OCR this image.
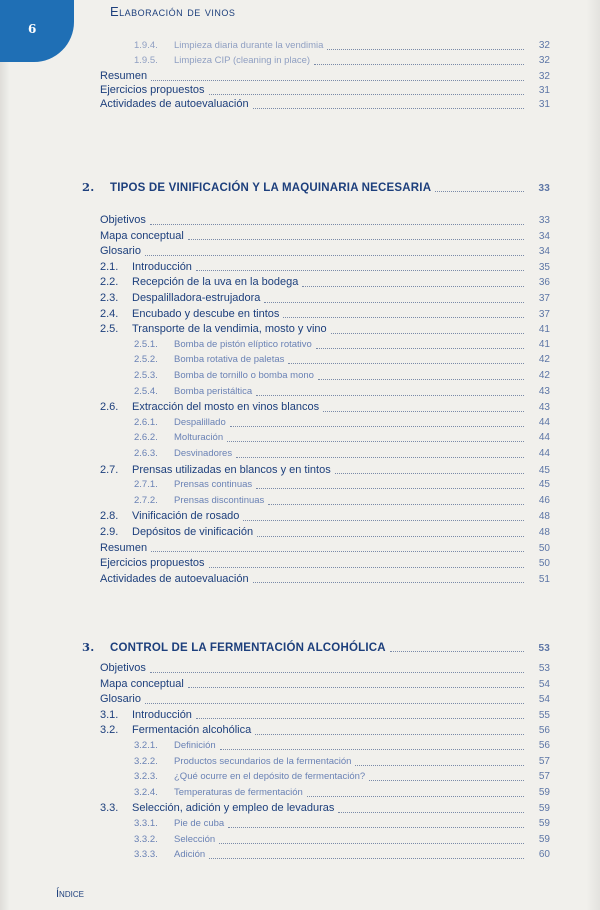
6
Elaboración de vinos
1.9.4.	Limpieza diaria durante la vendimia	32
1.9.5.	Limpieza CIP (cleaning in place)	32
Resumen	32
Ejercicios propuestos	31
Actividades de autoevaluación	31
2.	TIPOS DE VINIFICACIÓN Y LA MAQUINARIA NECESARIA	33
Objetivos	33
Mapa conceptual	34
Glosario	34
2.1.	Introducción	35
2.2.	Recepción de la uva en la bodega	36
2.3.	Despalilladora-estrujadora	37
2.4.	Encubado y descube en tintos	37
2.5.	Transporte de la vendimia, mosto y vino	41
2.5.1.	Bomba de pistón elíptico rotativo	41
2.5.2.	Bomba rotativa de paletas	42
2.5.3.	Bomba de tornillo o bomba mono	42
2.5.4.	Bomba peristáltica	43
2.6.	Extracción del mosto en vinos blancos	43
2.6.1.	Despalillado	44
2.6.2.	Molturación	44
2.6.3.	Desvinadores	44
2.7.	Prensas utilizadas en blancos y en tintos	45
2.7.1.	Prensas continuas	45
2.7.2.	Prensas discontinuas	46
2.8.	Vinificación de rosado	48
2.9.	Depósitos de vinificación	48
Resumen	50
Ejercicios propuestos	50
Actividades de autoevaluación	51
3.	CONTROL DE LA FERMENTACIÓN ALCOHÓLICA	53
Objetivos	53
Mapa conceptual	54
Glosario	54
3.1.	Introducción	55
3.2.	Fermentación alcohólica	56
3.2.1.	Definición	56
3.2.2.	Productos secundarios de la fermentación	57
3.2.3.	¿Qué ocurre en el depósito de fermentación?	57
3.2.4.	Temperaturas de fermentación	59
3.3.	Selección, adición y empleo de levaduras	59
3.3.1.	Pie de cuba	59
3.3.2.	Selección	59
3.3.3.	Adición	60
Índice
